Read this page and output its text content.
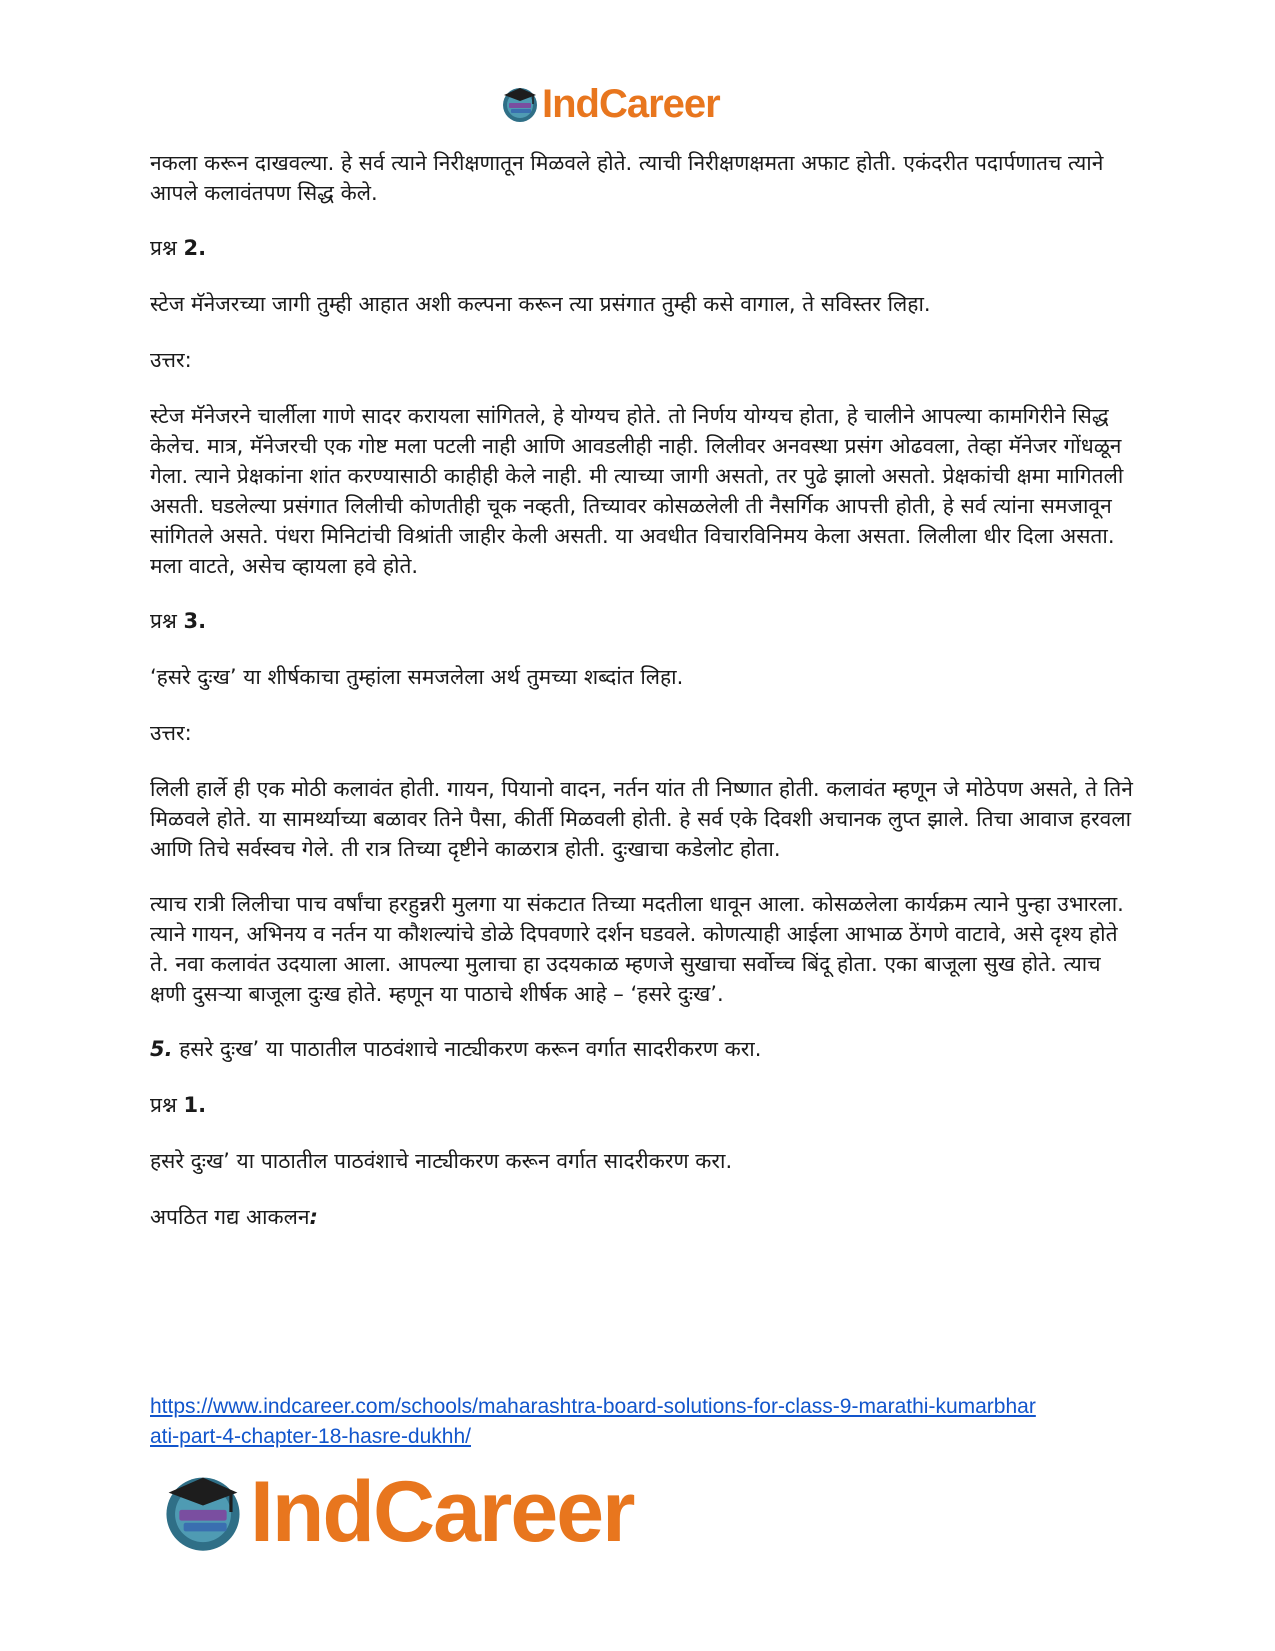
IndCareer

नकला करून दाखवल्या. हे सर्व त्याने निरीक्षणातून मिळवले होते. त्याची निरीक्षणक्षमता अफाट होती. एकंदरीत पदार्पणातच त्याने आपले कलावंतपण सिद्ध केले.

प्रश्न 2.

स्टेज मॅनेजरच्या जागी तुम्ही आहात अशी कल्पना करून त्या प्रसंगात तुम्ही कसे वागाल, ते सविस्तर लिहा.

उत्तर:

स्टेज मॅनेजरने चार्लीला गाणे सादर करायला सांगितले, हे योग्यच होते. तो निर्णय योग्यच होता, हे चालीने आपल्या कामगिरीने सिद्ध केलेच. मात्र, मॅनेजरची एक गोष्ट मला पटली नाही आणि आवडलीही नाही. लिलीवर अनवस्था प्रसंग ओढवला, तेव्हा मॅनेजर गोंधळून गेला. त्याने प्रेक्षकांना शांत करण्यासाठी काहीही केले नाही. मी त्याच्या जागी असतो, तर पुढे झालो असतो. प्रेक्षकांची क्षमा मागितली असती. घडलेल्या प्रसंगात लिलीची कोणतीही चूक नव्हती, तिच्यावर कोसळलेली ती नैसर्गिक आपत्ती होती, हे सर्व त्यांना समजावून सांगितले असते. पंधरा मिनिटांची विश्रांती जाहीर केली असती. या अवधीत विचारविनिमय केला असता. लिलीला धीर दिला असता. मला वाटते, असेच व्हायला हवे होते.

प्रश्न 3.

‘हसरे दुःख’ या शीर्षकाचा तुम्हांला समजलेला अर्थ तुमच्या शब्दांत लिहा.

उत्तर:

लिली हार्ले ही एक मोठी कलावंत होती. गायन, पियानो वादन, नर्तन यांत ती निष्णात होती. कलावंत म्हणून जे मोठेपण असते, ते तिने मिळवले होते. या सामर्थ्याच्या बळावर तिने पैसा, कीर्ती मिळवली होती. हे सर्व एके दिवशी अचानक लुप्त झाले. तिचा आवाज हरवला आणि तिचे सर्वस्वच गेले. ती रात्र तिच्या दृष्टीने काळरात्र होती. दुःखाचा कडेलोट होता.

त्याच रात्री लिलीचा पाच वर्षांचा हरहुन्नरी मुलगा या संकटात तिच्या मदतीला धावून आला. कोसळलेला कार्यक्रम त्याने पुन्हा उभारला. त्याने गायन, अभिनय व नर्तन या कौशल्यांचे डोळे दिपवणारे दर्शन घडवले. कोणत्याही आईला आभाळ ठेंगणे वाटावे, असे दृश्य होते ते. नवा कलावंत उदयाला आला. आपल्या मुलाचा हा उदयकाळ म्हणजे सुखाचा सर्वोच्च बिंदू होता. एका बाजूला सुख होते. त्याच क्षणी दुसऱ्या बाजूला दुःख होते. म्हणून या पाठाचे शीर्षक आहे – ‘हसरे दुःख’.

5. हसरे दुःख’ या पाठातील पाठवंशाचे नाट्यीकरण करून वर्गात सादरीकरण करा.

प्रश्न 1.

हसरे दुःख’ या पाठातील पाठवंशाचे नाट्यीकरण करून वर्गात सादरीकरण करा.

अपठित गद्य आकलन:

https://www.indcareer.com/schools/maharashtra-board-solutions-for-class-9-marathi-kumarbhar
ati-part-4-chapter-18-hasre-dukhh/
IndCareer
